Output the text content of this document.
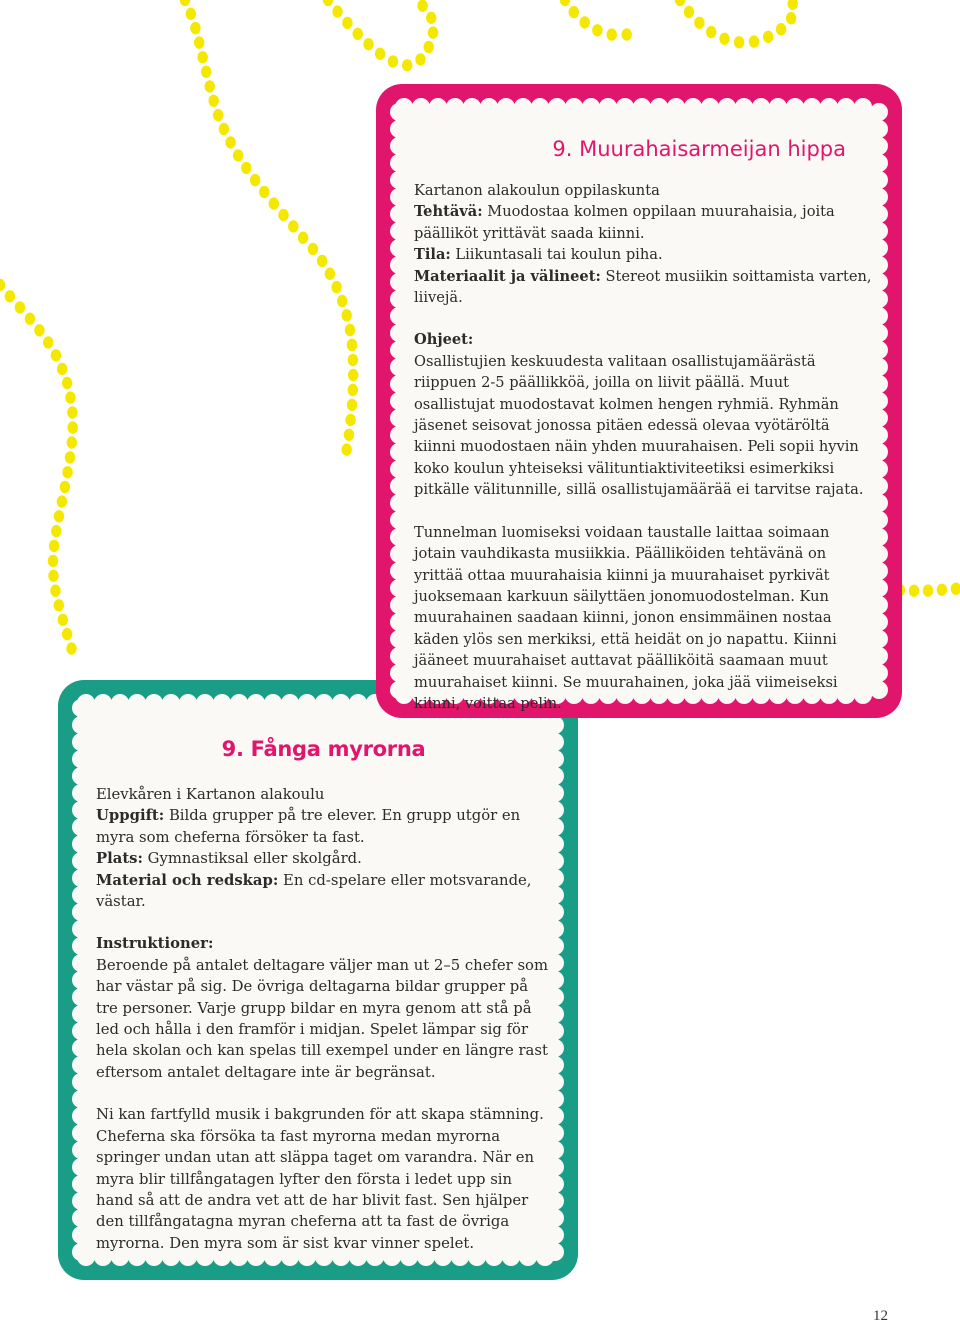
9. Muurahaisarmeijan hippa

Kartanon alakoulun oppilaskunta

Tehtävä: Muodostaa kolmen oppilaan muurahaisia, joita päälliköt yrittävät saada kiinni.

Tila: Liikuntasali tai koulun piha.

Materiaalit ja välineet: Stereot musiikin soittamista varten, liivejä.

Ohjeet:

Osallistujien keskuudesta valitaan osallistujamäärästä riippuen 2-5 päällikköä, joilla on liivit päällä. Muut osallistujat muodostavat kolmen hengen ryhmiä. Ryhmän jäsenet seisovat jonossa pitäen edessä olevaa vyötäröltä kiinni muodostaen näin yhden muurahaisen. Peli sopii hyvin koko koulun yhteiseksi välituntiaktiviteetiksi esimerkiksi pitkälle välitunnille, sillä osallistujamäärää ei tarvitse rajata.

Tunnelman luomiseksi voidaan taustalle laittaa soimaan jotain vauhdikasta musiikkia. Päälliköiden tehtävänä on yrittää ottaa muurahaisia kiinni ja muurahaiset pyrkivät juoksemaan karkuun säilyttäen jonomuodostelman. Kun muurahainen saadaan kiinni, jonon ensimmäinen nostaa käden ylös sen merkiksi, että heidät on jo napattu. Kiinni jääneet muurahaiset auttavat päälliköitä saamaan muut muurahaiset kiinni. Se muurahainen, joka jää viimeiseksi kiinni, voittaa pelin.

9. Fånga myrorna

Elevkåren i Kartanon alakoulu

Uppgift: Bilda grupper på tre elever. En grupp utgör en myra som cheferna försöker ta fast.

Plats: Gymnastiksal eller skolgård.

Material och redskap: En cd-spelare eller motsvarande, västar.

Instruktioner:

Beroende på antalet deltagare väljer man ut 2–5 chefer som har västar på sig. De övriga deltagarna bildar grupper på tre personer. Varje grupp bildar en myra genom att stå på led och hålla i den framför i midjan. Spelet lämpar sig för hela skolan och kan spelas till exempel under en längre rast eftersom antalet deltagare inte är begränsat.

Ni kan fartfylld musik i bakgrunden för att skapa stämning. Cheferna ska försöka ta fast myrorna medan myrorna springer undan utan att släppa taget om varandra. När en myra blir tillfångatagen lyfter den första i ledet upp sin hand så att de andra vet att de har blivit fast. Sen hjälper den tillfångatagna myran cheferna att ta fast de övriga myrorna. Den myra som är sist kvar vinner spelet.

12
